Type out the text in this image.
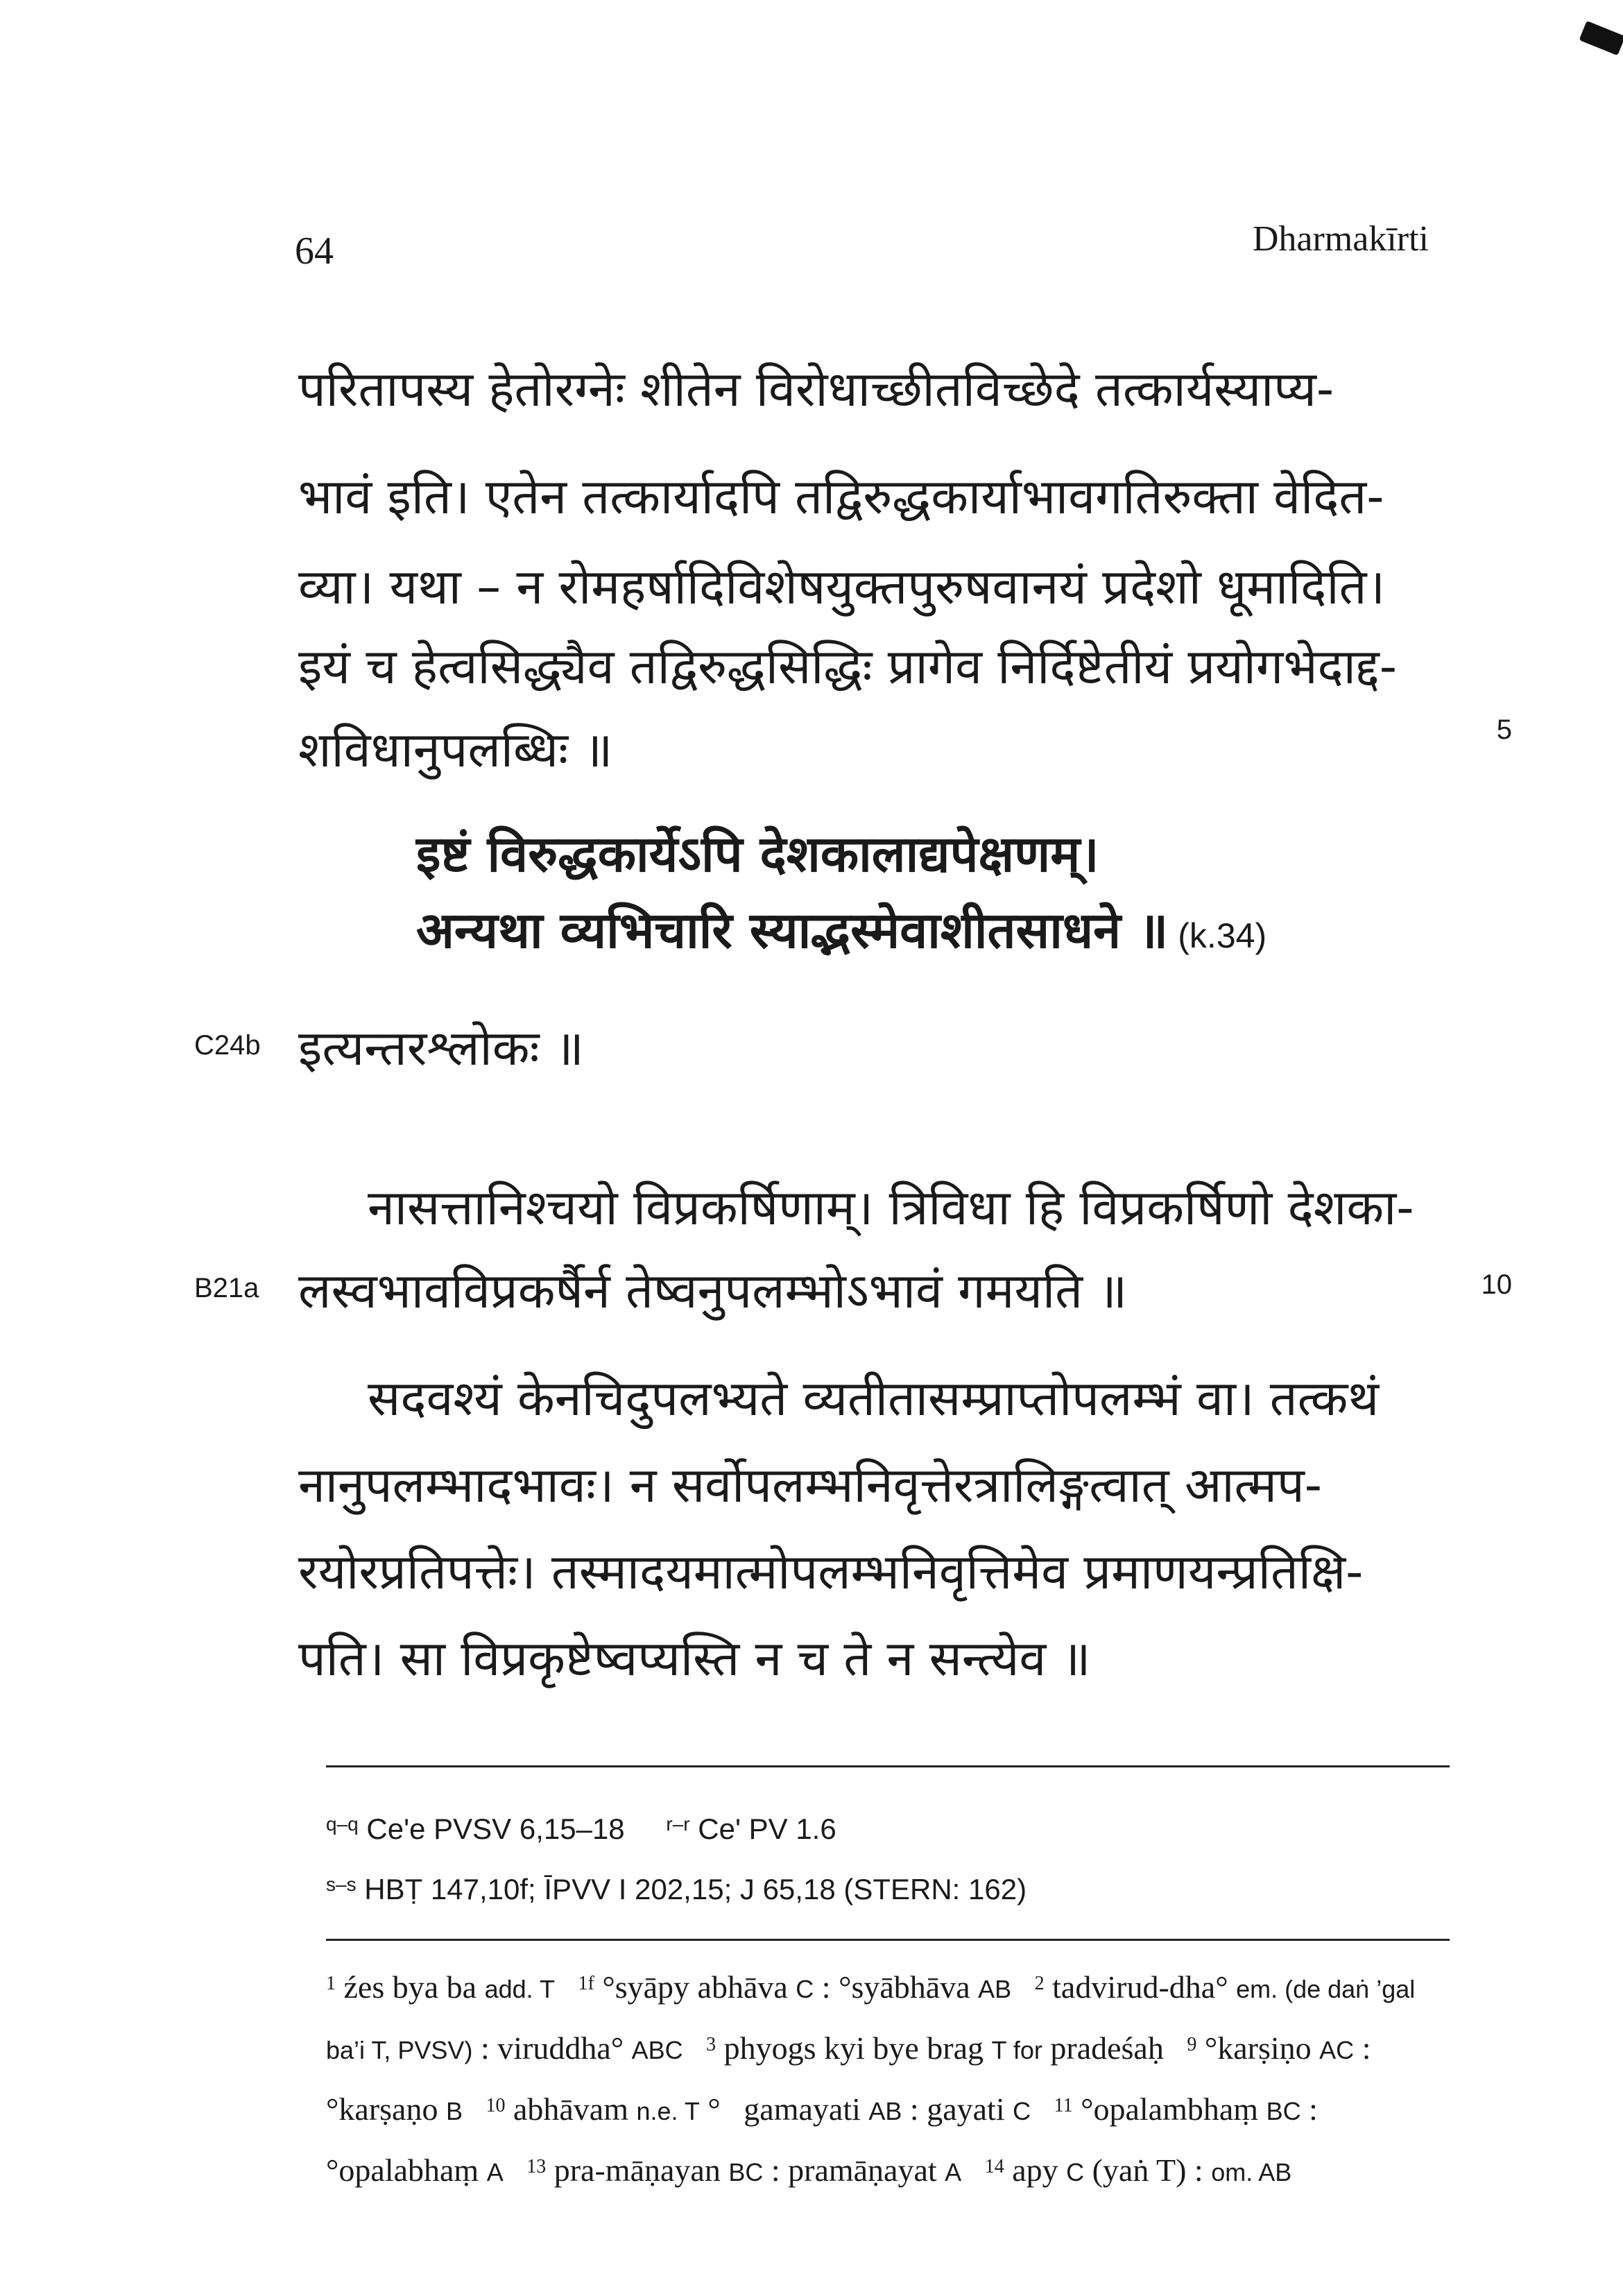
64	Dharmakīrti
परितापस्य हेतोरग्नेः शीतेन विरोधाच्छीतविच्छेदे तत्कार्यस्याप्य-
भावं इति। एतेन तत्कार्यादपि तद्विरुद्धकार्याभावगतिरुक्ता वेदित-
व्या। यथा – न रोमहर्षादिविशेषयुक्तपुरुषवानयं प्रदेशो धूमादिति।
इयं च हेत्वसिद्ध्यैव तद्विरुद्धसिद्धिः प्रागेव निर्दिष्टेतीयं प्रयोगभेदाद्द-
शविधानुपलब्धिः ॥	5
इष्टं विरुद्धकार्येऽपि देशकालाद्यपेक्षणम्।
अन्यथा व्यभिचारि स्याद्भस्मेवाशीतसाधने ॥ (k.34)
C24b इत्यन्तरश्लोकः ॥
नासत्तानिश्चयो विप्रकर्षिणाम्। त्रिविधा हि विप्रकर्षिणो देशका-
B21a लस्वभावविप्रकर्षैर्न तेष्वनुपलम्भोऽभावं गमयति ॥	10
सदवश्यं केनचिदुपलभ्यते व्यतीतासम्प्राप्तोपलम्भं वा। तत्कथं
नानुपलम्भादभावः। न सर्वोपलम्भनिवृत्तेरत्रालिङ्गत्वात् आत्मप-
रयोरप्रतिपत्तेः। तस्मादयमात्मोपलम्भनिवृत्तिमेव प्रमाणयन्प्रतिक्षि-
पति। सा विप्रकृष्टेष्वप्यस्ति न च ते न सन्त्येव ॥
$^{q-q}$ Ce'e PVSV 6,15–18 $^{r-r}$ Ce' PV 1.6 $^{s-s}$ HBṬ 147,10f; ĪPVV I 202,15; J 65,18 (STERN: 162)
$^1$ źes bya ba add. T $^{1f}$ °syāpy abhāva C : °syābhāva AB $^2$ tadvirud-dha° em. (de daṅ ’gal ba’i T, PVSV) : viruddha° ABC $^3$ phyogs kyi bye brag T for pradeśaḥ $^9$ °karṣiṇo AC : °karṣaṇo B $^{10}$ abhāvam n.e. T ° gamayati AB : gayati C $^{11}$ °opalambhaṃ BC : °opalabhaṃ A $^{13}$ pra-māṇayan BC : pramāṇayat A $^{14}$ apy C (yaṅ T) : om. AB
